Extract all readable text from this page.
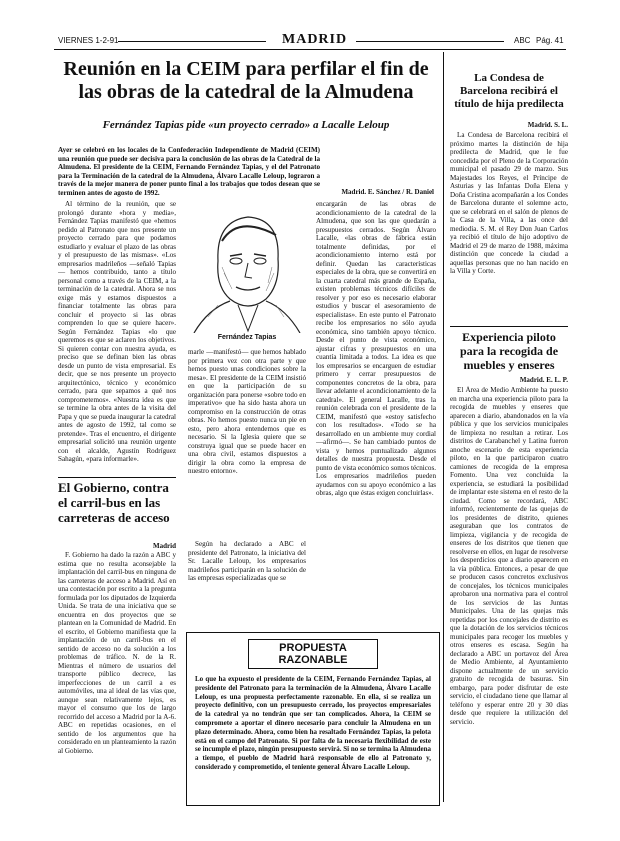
VIERNES 1-2-91	MADRID	ABC Pág. 41
Reunión en la CEIM para perfilar el fin de las obras de la catedral de la Almudena
Fernández Tapias pide «un proyecto cerrado» a Lacalle Leloup

Ayer se celebró en los locales de la Confederación Independiente de Madrid (CEIM) una reunión que puede ser decisiva para la conclusión de las obras de la Catedral de la Almudena. El presidente de la CEIM, Fernando Fernández Tapias, y el del Patronato para la Terminación de la catedral de la Almudena, Álvaro Lacalle Leloup, lograron a través de la mejor manera de poner punto final a los trabajos que todos desean que se terminen antes de agosto de 1992.	Madrid. E. Sánchez / R. Daniel

Al término de la reunión, que se prolongó durante «hora y media», Fernández Tapias manifestó que «hemos pedido al Patronato que nos presente un proyecto cerrado para que podamos estudiarlo y evaluar el plazo de las obras y el presupuesto de las mismas». «Los empresarios madrileños —señaló Tapias— hemos contribuido, tanto a título personal como a través de la CEIM, a la terminación de la catedral. Ahora se nos exige más y estamos dispuestos a financiar totalmente las obras para concluir el proyecto si las obras comprenden lo que se quiere hacer». Según Fernández Tapias «lo que queremos es que se aclaren los objetivos. Si quieren contar con nuestra ayuda, es preciso que se definan bien las obras desde un punto de vista empresarial. Es decir, que se nos presente un proyecto arquitectónico, técnico y económico cerrado, para que sepamos a qué nos comprometemos». «Nuestra idea es que se termine la obra antes de la visita del Papa y que se pueda inaugurar la catedral antes de agosto de 1992, tal como se pretende». Tras el encuentro, el dirigente empresarial solicitó una reunión urgente con el alcalde, Agustín Rodríguez Sahagún, «para informarle».

Fernández Tapias

marle —manifestó— que hemos hablado por primera vez con otra parte y que hemos puesto unas condiciones sobre la mesa». El presidente de la CEIM insistió en que la participación de su organización para ponerse «sobre todo en imperativo» que ha sido hasta ahora un compromiso en la construcción de otras obras. No hemos puesto nunca un pie en esto, pero ahora entendemos que es necesario. Si la Iglesia quiere que se construya igual que se puede hacer en una obra civil, estamos dispuestos a dirigir la obra como la empresa de nuestro entorno».

Según ha declarado a ABC el presidente del Patronato, la iniciativa del Sr. Lacalle Leloup, los empresarios madrileños participarán en la solución de las empresas especializadas que se

encargarán de las obras de acondicionamiento de la catedral de la Almudena, que son las que quedarán a presupuestos cerrados. Según Álvaro Lacalle, «las obras de fábrica están totalmente definidas, por el acondicionamiento interno está por definir. Quedan las características especiales de la obra, que se convertirá en la cuarta catedral más grande de España, existen problemas técnicos difíciles de resolver y por eso es necesario elaborar estudios y buscar el asesoramiento de especialistas». En este punto el Patronato recibe los empresarios no sólo ayuda económica, sino también apoyo técnico. Desde el punto de vista económico, ajustar cifras y presupuestos en una cuantía limitada a todos. La idea es que los empresarios se encarguen de estudiar primero y cerrar presupuestos de componentes concretos de la obra, para llevar adelante el acondicionamiento de la catedral». El general Lacalle, tras la reunión celebrada con el presidente de la CEIM, manifestó que «estoy satisfecho con los resultados». «Todo se ha desarrollado en un ambiente muy cordial —afirmó—. Se han cambiado puntos de vista y hemos puntualizado algunos detalles de nuestra propuesta. Desde el punto de vista económico somos técnicos. Los empresarios madrileños pueden ayudarnos con su apoyo económico a las obras, algo que éstas exigen concluirlas».

El Gobierno, contra el carril-bus en las carreteras de acceso
Madrid

F. Gobierno ha dado la razón a ABC y estima que no resulta aconsejable la implantación del carril-bus en ninguna de las carreteras de acceso a Madrid. Así en una contestación por escrito a la pregunta formulada por los diputados de Izquierda Unida. Se trata de una iniciativa que se encuentra en dos proyectos que se plantean en la Comunidad de Madrid. En el escrito, el Gobierno manifiesta que la implantación de un carril-bus en el sentido de acceso no da solución a los problemas de tráfico. N. de la R. Mientras el número de usuarios del transporte público decrece, las imperfecciones de un carril a es automóviles, una al ideal de las vías que, aunque sean relativamente lejos, es mayor el consumo que los de largo recorrido del acceso a Madrid por la A-6. ABC en repetidas ocasiones, en el sentido de los argumentos que ha considerado en un planteamiento la razón al Gobierno.

PROPUESTA RAZONABLE

Lo que ha expuesto el presidente de la CEIM, Fernando Fernández Tapias, al presidente del Patronato para la terminación de la Almudena, Álvaro Lacalle Leloup, es una propuesta perfectamente razonable. En ella, si se realiza un proyecto definitivo, con un presupuesto cerrado, los proyectos empresariales de la catedral ya no tendrán que ser tan complicados. Ahora, la CEIM se compromete a aportar el dinero necesario para concluir la Almudena en un plazo determinado. Ahora, como bien ha resaltado Fernández Tapias, la pelota está en el campo del Patronato. Si por falta de la necesaria flexibilidad de este se incumple el plazo, ningún presupuesto servirá. Si no se termina la Almudena a tiempo, el pueblo de Madrid hará responsable de ello al Patronato y, considerado y comprometido, el teniente general Álvaro Lacalle Leloup.

La Condesa de Barcelona recibirá el título de hija predilecta
Madrid. S. L.

La Condesa de Barcelona recibirá el próximo martes la distinción de hija predilecta de Madrid, que le fue concedida por el Pleno de la Corporación municipal el pasado 29 de marzo. Sus Majestades los Reyes, el Príncipe de Asturias y las Infantas Doña Elena y Doña Cristina acompañarán a los Condes de Barcelona durante el solemne acto, que se celebrará en el salón de plenos de la Casa de la Villa, a las once del mediodía. S. M. el Rey Don Juan Carlos ya recibió el título de hijo adoptivo de Madrid el 29 de marzo de 1988, máxima distinción que concede la ciudad a aquellas personas que no han nacido en la Villa y Corte.

Experiencia piloto para la recogida de muebles y enseres
Madrid. E. L. P.

El Área de Medio Ambiente ha puesto en marcha una experiencia piloto para la recogida de muebles y enseres que aparecen a diario, abandonados en la vía pública y que los servicios municipales de limpieza no resultan a retirar. Los distritos de Carabanchel y Latina fueron anoche escenario de esta experiencia piloto, en la que participaron cuatro camiones de recogida de la empresa Fomento. Una vez concluida la experiencia, se estudiará la posibilidad de implantar este sistema en el resto de la ciudad. Como se recordará, ABC informó, recientemente de las quejas de los presidentes de distrito, quienes aseguraban que los contratos de limpieza, vigilancia y de recogida de enseres de los distritos que tienen que resolverse en ellos, en lugar de resolverse los desperdicios que a diario aparecen en la vía pública. Entonces, a pesar de que se producen casos concretos exclusivos de concejales, los técnicos municipales aprobaron una normativa para el control de los servicios de las Juntas Municipales. Una de las quejas más repetidas por los concejales de distrito es que la dotación de los servicios técnicos municipales para recoger los muebles y otros enseres es escasa. Según ha declarado a ABC un portavoz del Área de Medio Ambiente, al Ayuntamiento dispone actualmente de un servicio gratuito de recogida de basuras. Sin embargo, para poder disfrutar de este servicio, el ciudadano tiene que llamar al teléfono y esperar entre 20 y 30 días desde que requiere la utilización del servicio.
